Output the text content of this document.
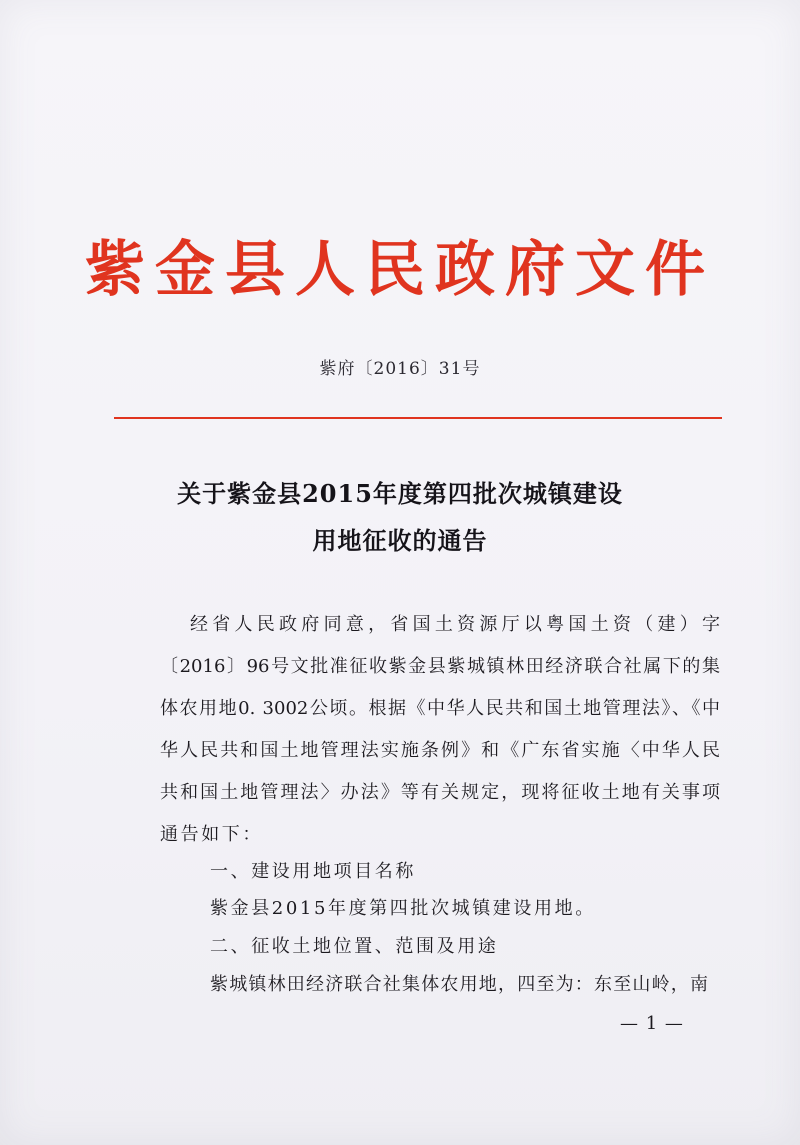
紫金县人民政府文件
紫府〔2016〕31号
关于紫金县2015年度第四批次城镇建设
用地征收的通告
经省人民政府同意，省国土资源厅以粤国土资（建）字
〔2016〕96号文批准征收紫金县紫城镇林田经济联合社属下的集
体农用地0. 3002公顷。根据《中华人民共和国土地管理法》、《中
华人民共和国土地管理法实施条例》和《广东省实施〈中华人民
共和国土地管理法〉办法》等有关规定，现将征收土地有关事项
通告如下：
一、建设用地项目名称
紫金县2015年度第四批次城镇建设用地。
二、征收土地位置、范围及用途
紫城镇林田经济联合社集体农用地，四至为：东至山岭，南
— 1 —
